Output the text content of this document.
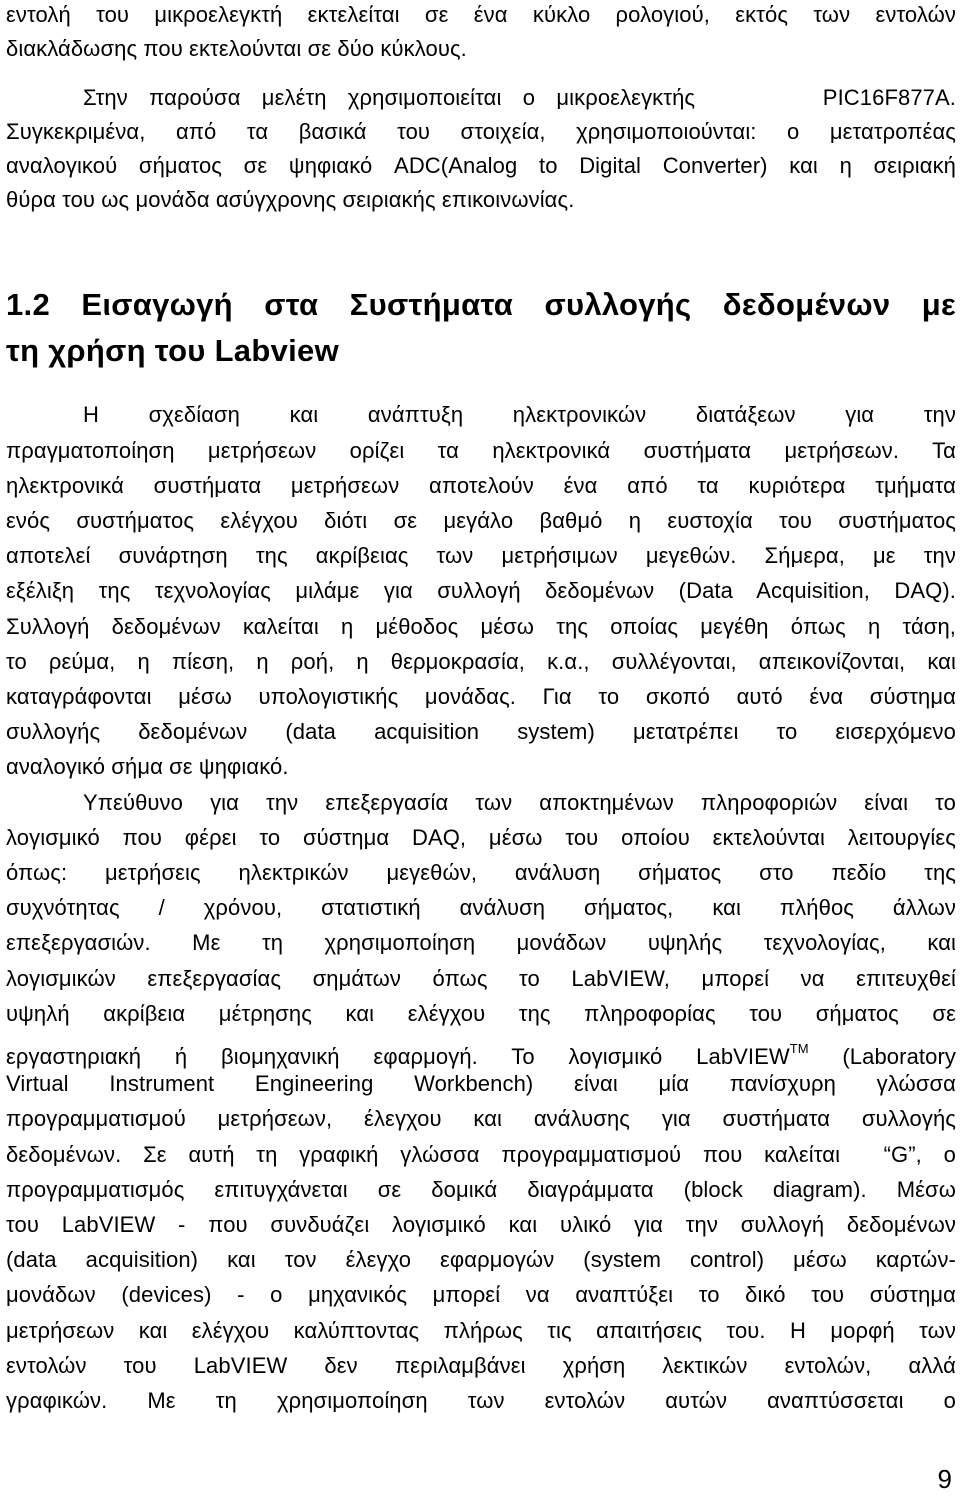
εντολή του μικροελεγκτή εκτελείται σε ένα κύκλο ρολογιού, εκτός των εντολών
διακλάδωσης που εκτελούνται σε δύο κύκλους.
Στην παρούσα μελέτη χρησιμοποιείται ο μικροελεγκτής      PIC16F877A.
Συγκεκριμένα, από τα βασικά του στοιχεία, χρησιμοποιούνται: ο μετατροπέας
αναλογικού σήματος σε ψηφιακό ADC(Analog to Digital Converter) και η σειριακή
θύρα του ως μονάδα ασύγχρονης σειριακής επικοινωνίας.
1.2 Εισαγωγή στα Συστήματα συλλογής δεδομένων με
τη χρήση του Labview
Η σχεδίαση και ανάπτυξη ηλεκτρονικών διατάξεων για την
πραγματοποίηση μετρήσεων ορίζει τα ηλεκτρονικά συστήματα μετρήσεων. Τα
ηλεκτρονικά συστήματα μετρήσεων αποτελούν ένα από τα κυριότερα τμήματα
ενός συστήματος ελέγχου διότι σε μεγάλο βαθμό η ευστοχία του συστήματος
αποτελεί συνάρτηση της ακρίβειας των μετρήσιμων μεγεθών. Σήμερα, με την
εξέλιξη της τεχνολογίας μιλάμε για συλλογή δεδομένων (Data Acquisition, DAQ).
Συλλογή δεδομένων καλείται η μέθοδος μέσω της οποίας μεγέθη όπως η τάση,
το ρεύμα, η πίεση, η ροή, η θερμοκρασία, κ.α., συλλέγονται, απεικονίζονται, και
καταγράφονται μέσω υπολογιστικής μονάδας. Για το σκοπό αυτό ένα σύστημα
συλλογής δεδομένων (data acquisition system) μετατρέπει το εισερχόμενο
αναλογικό σήμα σε ψηφιακό.
Υπεύθυνο για την επεξεργασία των αποκτημένων πληροφοριών είναι το
λογισμικό που φέρει το σύστημα DAQ, μέσω του οποίου εκτελούνται λειτουργίες
όπως: μετρήσεις ηλεκτρικών μεγεθών, ανάλυση σήματος στο πεδίο της
συχνότητας / χρόνου, στατιστική ανάλυση σήματος, και πλήθος άλλων
επεξεργασιών. Με τη χρησιμοποίηση μονάδων υψηλής τεχνολογίας, και
λογισμικών επεξεργασίας σημάτων όπως το LabVIEW, μπορεί να επιτευχθεί
υψηλή ακρίβεια μέτρησης και ελέγχου της πληροφορίας του σήματος σε
εργαστηριακή ή βιομηχανική εφαρμογή. Το λογισμικό LabVIEW™ (Laboratory
Virtual Instrument Engineering Workbench) είναι μία πανίσχυρη γλώσσα
προγραμματισμού μετρήσεων, έλεγχου και ανάλυσης για συστήματα συλλογής
δεδομένων. Σε αυτή τη γραφική γλώσσα προγραμματισμού που καλείται  “G”, ο
προγραμματισμός επιτυγχάνεται σε δομικά διαγράμματα (block diagram). Μέσω
του LabVIEW - που συνδυάζει λογισμικό και υλικό για την συλλογή δεδομένων
(data acquisition) και τον έλεγχο εφαρμογών (system control) μέσω καρτών-
μονάδων (devices) - ο μηχανικός μπορεί να αναπτύξει το δικό του σύστημα
μετρήσεων και ελέγχου καλύπτοντας πλήρως τις απαιτήσεις του. Η μορφή των
εντολών του LabVIEW δεν περιλαμβάνει χρήση λεκτικών εντολών, αλλά
γραφικών. Με τη χρησιμοποίηση των εντολών αυτών αναπτύσσεται ο
9
